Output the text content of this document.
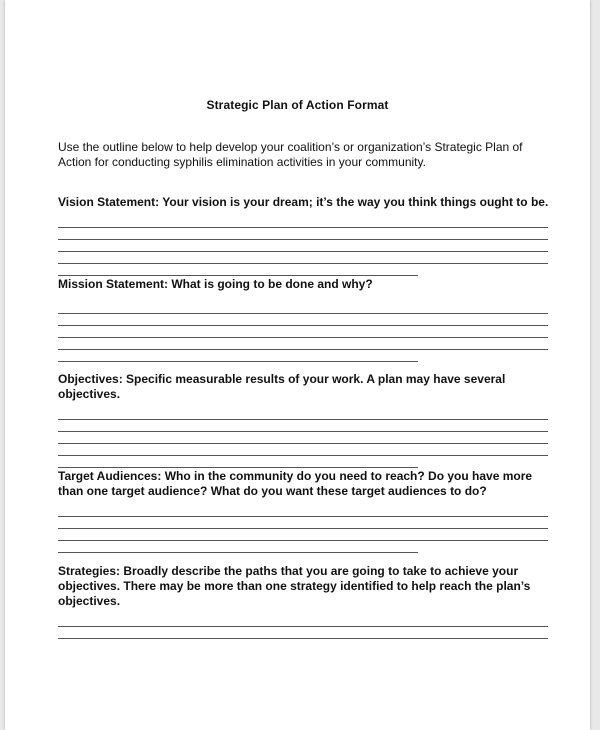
Strategic Plan of Action Format
Use the outline below to help develop your coalition’s or organization’s Strategic Plan of Action for conducting syphilis elimination activities in your community.

Vision Statement: Your vision is your dream; it’s the way you think things ought to be.

Mission Statement: What is going to be done and why?

Objectives: Specific measurable results of your work. A plan may have several objectives.

Target Audiences: Who in the community do you need to reach? Do you have more than one target audience? What do you want these target audiences to do?

Strategies: Broadly describe the paths that you are going to take to achieve your objectives. There may be more than one strategy identified to help reach the plan’s objectives.
